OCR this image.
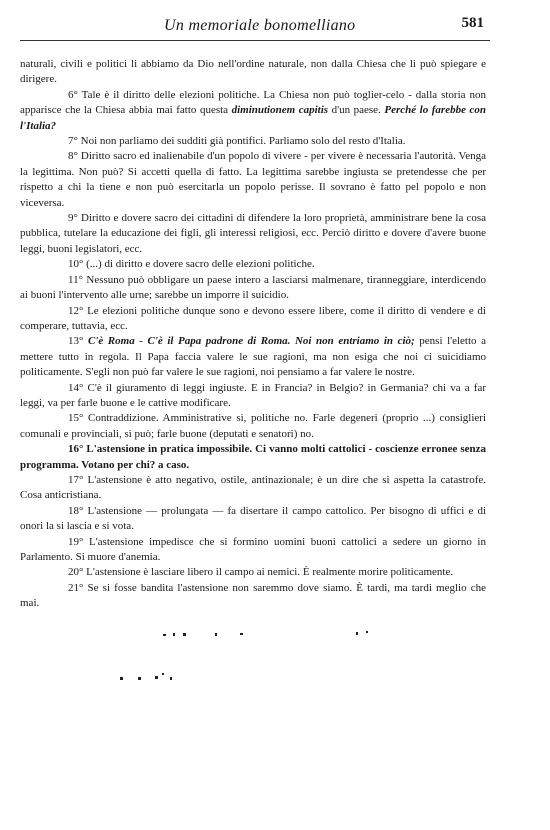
Un memoriale bonomelliano	581

naturali, civili e politici li abbiamo da Dio nell'ordine naturale, non dalla Chiesa che li può spiegare e dirigere.

6° Tale è il diritto delle elezioni politiche. La Chiesa non può toglier-celo - dalla storia non apparisce che la Chiesa abbia mai fatto questa diminutionem capitis d'un paese. Perché lo farebbe con l'Italia?

7° Noi non parliamo dei sudditi già pontifici. Parliamo solo del resto d'Italia.

8° Diritto sacro ed inalienabile d'un popolo di vivere - per vivere è necessaria l'autorità. Venga la legittima. Non può? Si accetti quella di fatto. La legittima sarebbe ingiusta se pretendesse che per rispetto a chi la tiene e non può esercitarla un popolo perisse. Il sovrano è fatto pel popolo e non viceversa.

9° Diritto e dovere sacro dei cittadini di difendere la loro proprietà, amministrare bene la cosa pubblica, tutelare la educazione dei figli, gli interessi religiosi, ecc. Perciò diritto e dovere d'avere buone leggi, buoni legislatori, ecc.

10° (...) di diritto e dovere sacro delle elezioni politiche.

11° Nessuno può obbligare un paese intero a lasciarsi malmenare, tiranneggiare, interdicendo ai buoni l'intervento alle urne; sarebbe un imporre il suicidio.

12° Le elezioni politiche dunque sono e devono essere libere, come il diritto di vendere e di comperare, tuttavia, ecc.

13° C'è Roma - C'è il Papa padrone di Roma. Noi non entriamo in ciò; pensi l'eletto a mettere tutto in regola. Il Papa faccia valere le sue ragioni, ma non esiga che noi ci suicidiamo politicamente. S'egli non può far valere le sue ragioni, noi pensiamo a far valere le nostre.

14° C'è il giuramento di leggi ingiuste. E in Francia? in Belgio? in Germania? chi va a far leggi, va per farle buone e le cattive modificare.

15° Contraddizione. Amministrative sì, politiche no. Farle degeneri (proprio ...) consiglieri comunali e provinciali, sì può; farle buone (deputati e senatori) no.

16° L'astensione in pratica impossibile. Ci vanno molti cattolici - coscienze erronee senza programma. Votano per chi? a caso.

17° L'astensione è atto negativo, ostile, antinazionale; è un dire che si aspetta la catastrofe. Cosa anticristiana.

18° L'astensione — prolungata — fa disertare il campo cattolico. Per bisogno di uffici e di onori la si lascia e si vota.

19° L'astensione impedisce che si formino uomini buoni cattolici a sedere un giorno in Parlamento. Si muore d'anemia.

20° L'astensione è lasciare libero il campo ai nemici. È realmente morire politicamente.

21° Se si fosse bandita l'astensione non saremmo dove siamo. È tardi, ma tardi meglio che mai.
